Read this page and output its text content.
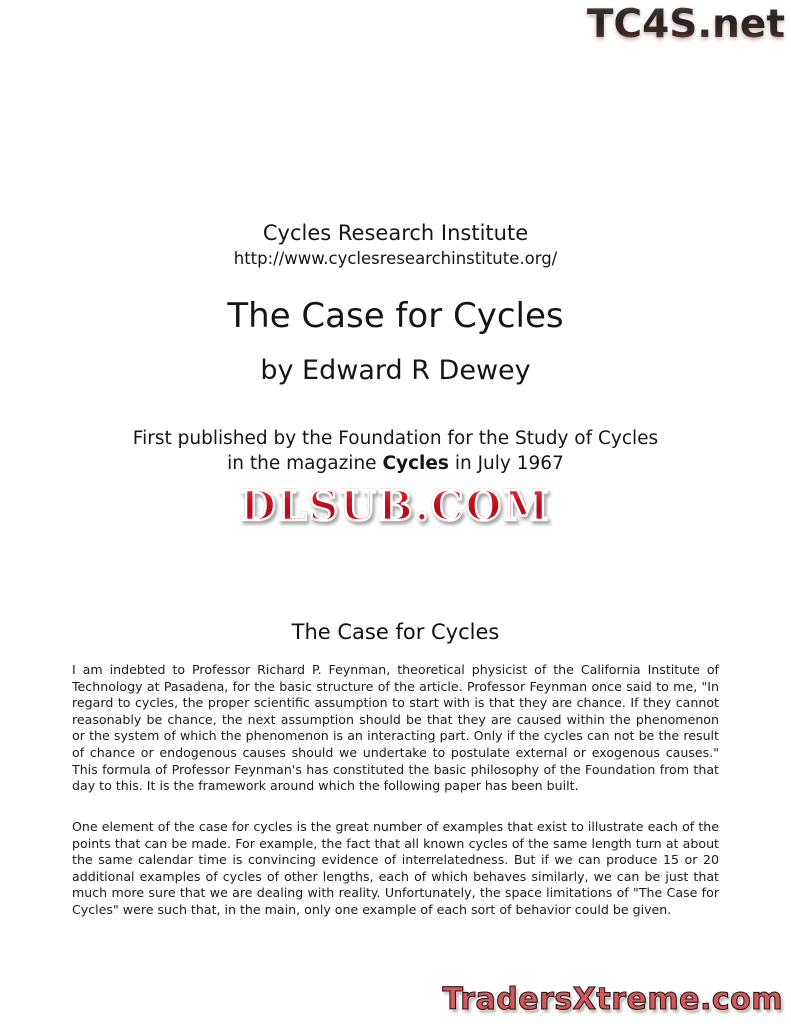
TC4S.net
Cycles Research Institute
http://www.cyclesresearchinstitute.org/
The Case for Cycles
by Edward R Dewey
First published by the Foundation for the Study of Cycles
in the magazine Cycles in July 1967
DLSUB.COM
The Case for Cycles
I am indebted to Professor Richard P. Feynman, theoretical physicist of the California Institute of Technology at Pasadena, for the basic structure of the article. Professor Feynman once said to me, "In regard to cycles, the proper scientific assumption to start with is that they are chance. If they cannot reasonably be chance, the next assumption should be that they are caused within the phenomenon or the system of which the phenomenon is an interacting part. Only if the cycles can not be the result of chance or endogenous causes should we undertake to postulate external or exogenous causes." This formula of Professor Feynman's has constituted the basic philosophy of the Foundation from that day to this. It is the framework around which the following paper has been built.
One element of the case for cycles is the great number of examples that exist to illustrate each of the points that can be made. For example, the fact that all known cycles of the same length turn at about the same calendar time is convincing evidence of interrelatedness. But if we can produce 15 or 20 additional examples of cycles of other lengths, each of which behaves similarly, we can be just that much more sure that we are dealing with reality. Unfortunately, the space limitations of "The Case for Cycles" were such that, in the main, only one example of each sort of behavior could be given.
TradersXtreme.com
